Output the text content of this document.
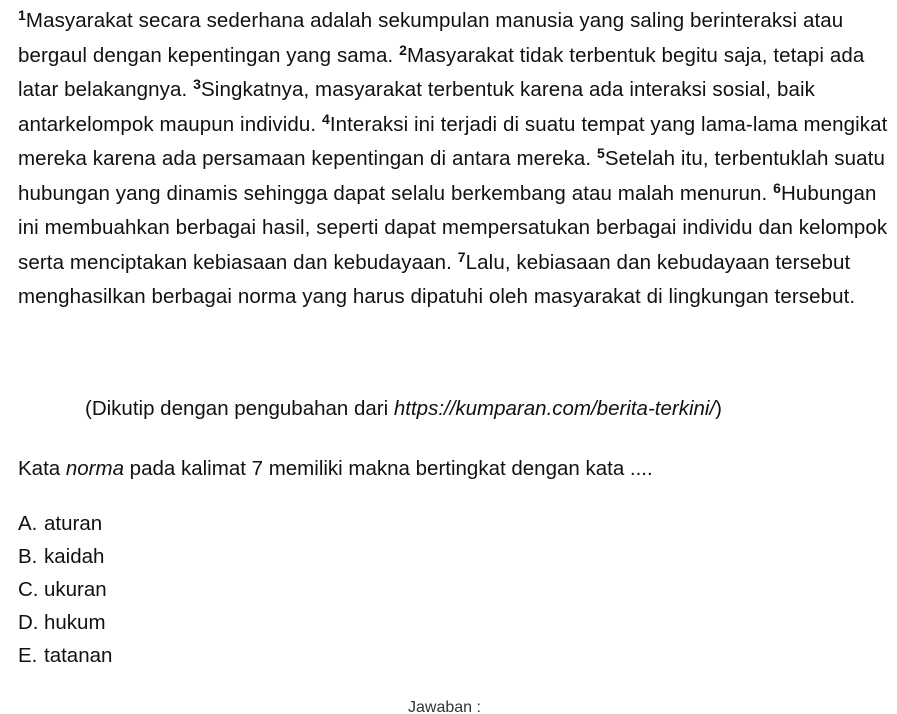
$^1$Masyarakat secara sederhana adalah sekumpulan manusia yang saling berinteraksi atau bergaul dengan kepentingan yang sama. $^2$Masyarakat tidak terbentuk begitu saja, tetapi ada latar belakangnya. $^3$Singkatnya, masyarakat terbentuk karena ada interaksi sosial, baik antarkelompok maupun individu. $^4$Interaksi ini terjadi di suatu tempat yang lama-lama mengikat mereka karena ada persamaan kepentingan di antara mereka. $^5$Setelah itu, terbentuklah suatu hubungan yang dinamis sehingga dapat selalu berkembang atau malah menurun. $^6$Hubungan ini membuahkan berbagai hasil, seperti dapat mempersatukan berbagai individu dan kelompok serta menciptakan kebiasaan dan kebudayaan. $^7$Lalu, kebiasaan dan kebudayaan tersebut menghasilkan berbagai norma yang harus dipatuhi oleh masyarakat di lingkungan tersebut.
(Dikutip dengan pengubahan dari https://kumparan.com/berita-terkini/)
Kata norma pada kalimat 7 memiliki makna bertingkat dengan kata ....
A. aturan
B. kaidah
C. ukuran
D. hukum
E. tatanan
Jawaban :
